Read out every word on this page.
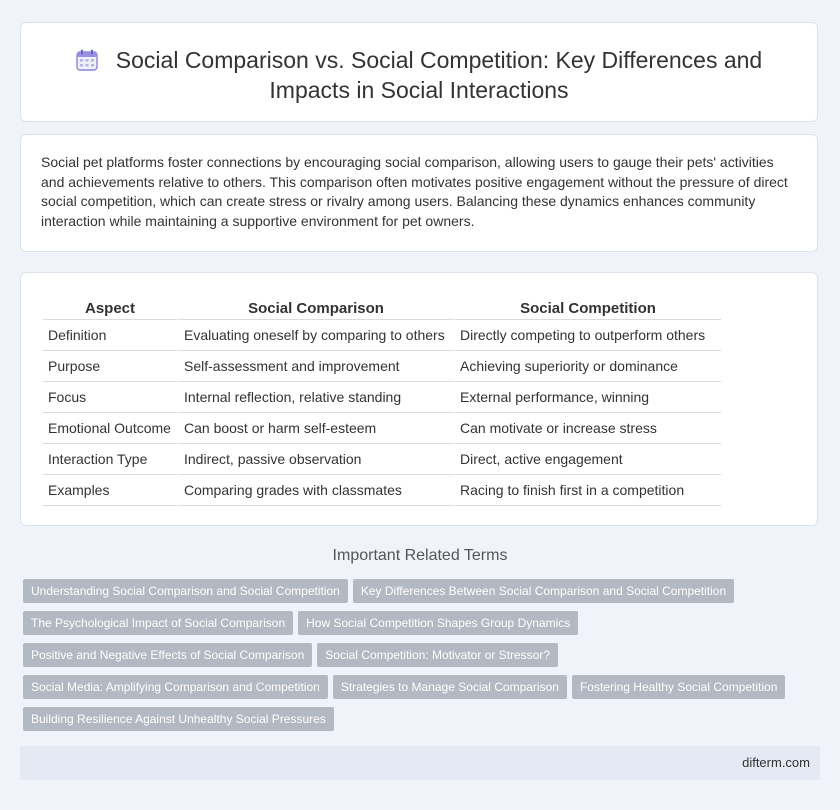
Social Comparison vs. Social Competition: Key Differences and
Impacts in Social Interactions
Social pet platforms foster connections by encouraging social comparison, allowing users to gauge their pets' activities and achievements relative to others. This comparison often motivates positive engagement without the pressure of direct social competition, which can create stress or rivalry among users. Balancing these dynamics enhances community interaction while maintaining a supportive environment for pet owners.
Aspect	Social Comparison	Social Competition
Definition	Evaluating oneself by comparing to others	Directly competing to outperform others
Purpose	Self-assessment and improvement	Achieving superiority or dominance
Focus	Internal reflection, relative standing	External performance, winning
Emotional Outcome	Can boost or harm self-esteem	Can motivate or increase stress
Interaction Type	Indirect, passive observation	Direct, active engagement
Examples	Comparing grades with classmates	Racing to finish first in a competition
Important Related Terms
Understanding Social Comparison and Social Competition Key Differences Between Social Comparison and Social Competition
The Psychological Impact of Social Comparison How Social Competition Shapes Group Dynamics
Positive and Negative Effects of Social Comparison Social Competition: Motivator or Stressor?
Social Media: Amplifying Comparison and Competition Strategies to Manage Social Comparison Fostering Healthy Social Competition
Building Resilience Against Unhealthy Social Pressures
difterm.com
